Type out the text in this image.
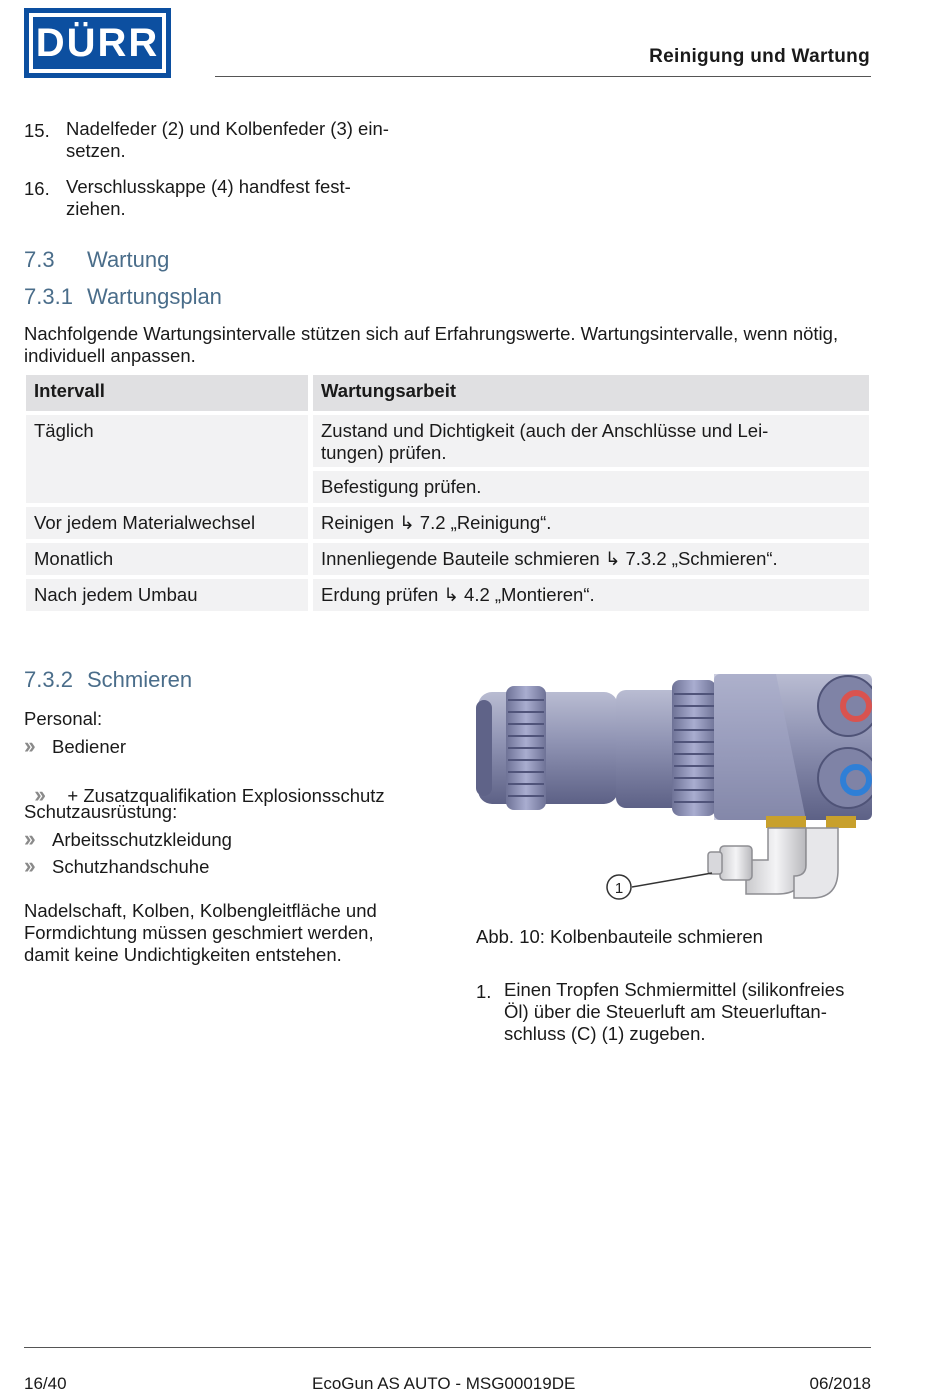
DÜRR	Reinigung und Wartung
15. Nadelfeder (2) und Kolbenfeder (3) ein-
setzen.
16. Verschlusskappe (4) handfest fest-
ziehen.
7.3 Wartung
7.3.1 Wartungsplan
Nachfolgende Wartungsintervalle stützen sich auf Erfahrungswerte. Wartungsintervalle, wenn nötig, individuell anpassen.
Intervall	Wartungsarbeit
Täglich	Zustand und Dichtigkeit (auch der Anschlüsse und Lei-
tungen) prüfen.
Befestigung prüfen.
Vor jedem Materialwechsel	Reinigen ↳ 7.2 „Reinigung“.
Monatlich	Innenliegende Bauteile schmieren ↳ 7.3.2 „Schmieren“.
Nach jedem Umbau	Erdung prüfen ↳ 4.2 „Montieren“.
7.3.2 Schmieren
Personal:
›› Bediener

›› + Zusatzqualifikation Explosionsschutz

Schutzausrüstung:
›› Arbeitsschutzkleidung
›› Schutzhandschuhe
Nadelschaft, Kolben, Kolbengleitfläche und Formdichtung müssen geschmiert werden, damit keine Undichtigkeiten entstehen.
1
Abb. 10: Kolbenbauteile schmieren
1. Einen Tropfen Schmiermittel (silikonfreies Öl) über die Steuerluft am Steuerluftan-
schluss (C) (1) zugeben.
16/40	EcoGun AS AUTO - MSG00019DE	06/2018
